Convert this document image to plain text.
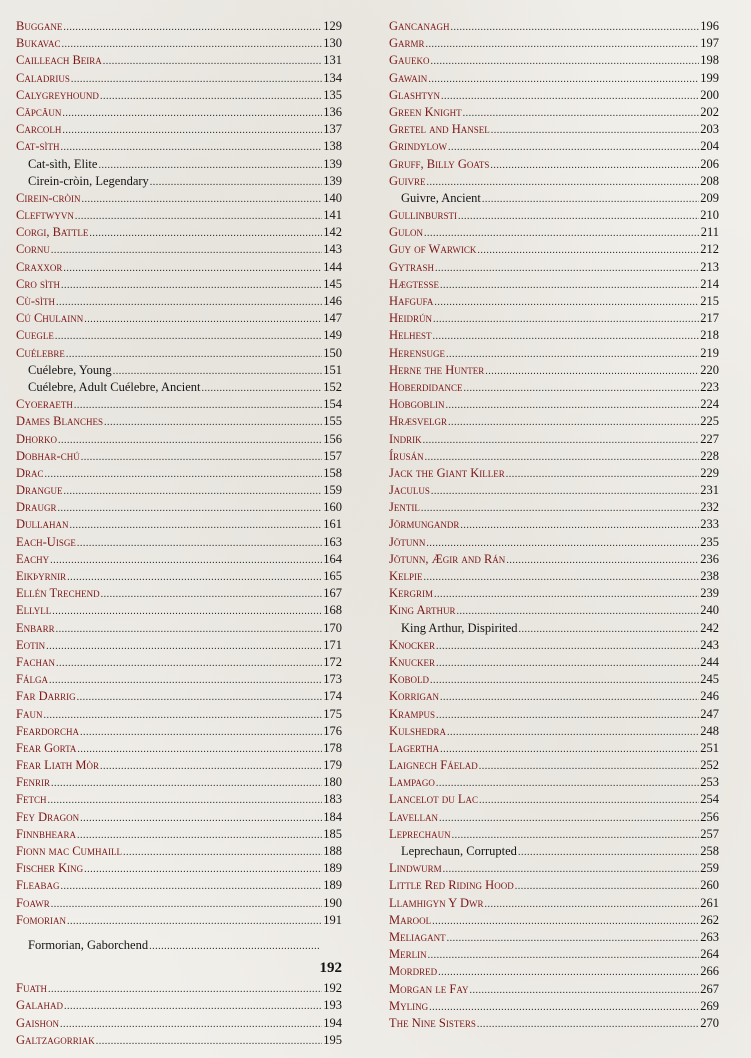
Buggane .....	129
Bukavac .....	130
Cailleach Beira .....	131
Caladrius .....	134
Calygreyhound .....	135
Căpcăun .....	136
Carcolh .....	137
Cat-sìth .....	138
Cat-sìth, Elite .....	139
Cirein-cròin, Legendary .....	139
Cirein-cròin .....	140
Cleftwyvn .....	141
Corgi, Battle .....	142
Cornu .....	143
Craxxor .....	144
Cro sìth .....	145
Cù-sìth .....	146
Cú Chulainn .....	147
Cuegle .....	149
Cuélebre .....	150
Cuélebre, Young .....	151
Cuélebre, Adult Cuélebre, Ancient .....	152
Cyoeraeth .....	154
Dames Blanches .....	155
Dhorko .....	156
Dobhar-chú .....	157
Drac .....	158
Drangue .....	159
Draugr .....	160
Dullahan .....	161
Each-Uisge .....	163
Eachy .....	164
Eikþyrnir .....	165
Ellén Trechend .....	167
Ellyll .....	168
Enbarr .....	170
Eotin .....	171
Fachan .....	172
Fálga .....	173
Far Darrig .....	174
Faun .....	175
Feardorcha .....	176
Fear Gorta .....	178
Fear Liath Mòr .....	179
Fenrir .....	180
Fetch .....	183
Fey Dragon .....	184
Finnbheara .....	185
Fionn mac Cumhaill .....	188
Fischer King .....	189
Fleabag .....	189
Foawr .....	190
Fomorian .....	191
Formorian, Gaborchend
.....
192
Fuath .....	192
Galahad .....	193
Gaishon .....	194
Galtzagorriak .....	195
Gancanagh .....	196
Garmr .....	197
Gaueko .....	198
Gawain .....	199
Glashtyn .....	200
Green Knight .....	202
Gretel and Hansel .....	203
Grindylow .....	204
Gruff, Billy Goats .....	206
Guivre .....	208
Guivre, Ancient .....	209
Gullinbursti .....	210
Gulon .....	211
Guy of Warwick .....	212
Gytrash .....	213
Hægtesse .....	214
Hafgufa .....	215
Heidrún .....	217
Helhest .....	218
Herensuge .....	219
Herne the Hunter .....	220
Hoberdidance .....	223
Hobgoblin .....	224
Hræsvelgr .....	225
Indrik .....	227
Írusán .....	228
Jack the Giant Killer .....	229
Jaculus .....	231
Jentil .....	232
Jörmungandr .....	233
Jötunn .....	235
Jötunn, Ægir and Rán .....	236
Kelpie .....	238
Kergrim .....	239
King Arthur .....	240
King Arthur, Dispirited .....	242
Knocker .....	243
Knucker .....	244
Kobold .....	245
Korrigan .....	246
Krampus .....	247
Kulshedra .....	248
Lagertha .....	251
Laignech Fáelad .....	252
Lampago .....	253
Lancelot du Lac .....	254
Lavellan .....	256
Leprechaun .....	257
Leprechaun, Corrupted .....	258
Lindwurm .....	259
Little Red Riding Hood .....	260
Llamhigyn Y Dwr .....	261
Marool .....	262
Meliagant .....	263
Merlin .....	264
Mordred .....	266
Morgan le Fay .....	267
Myling .....	269
The Nine Sisters .....	270
